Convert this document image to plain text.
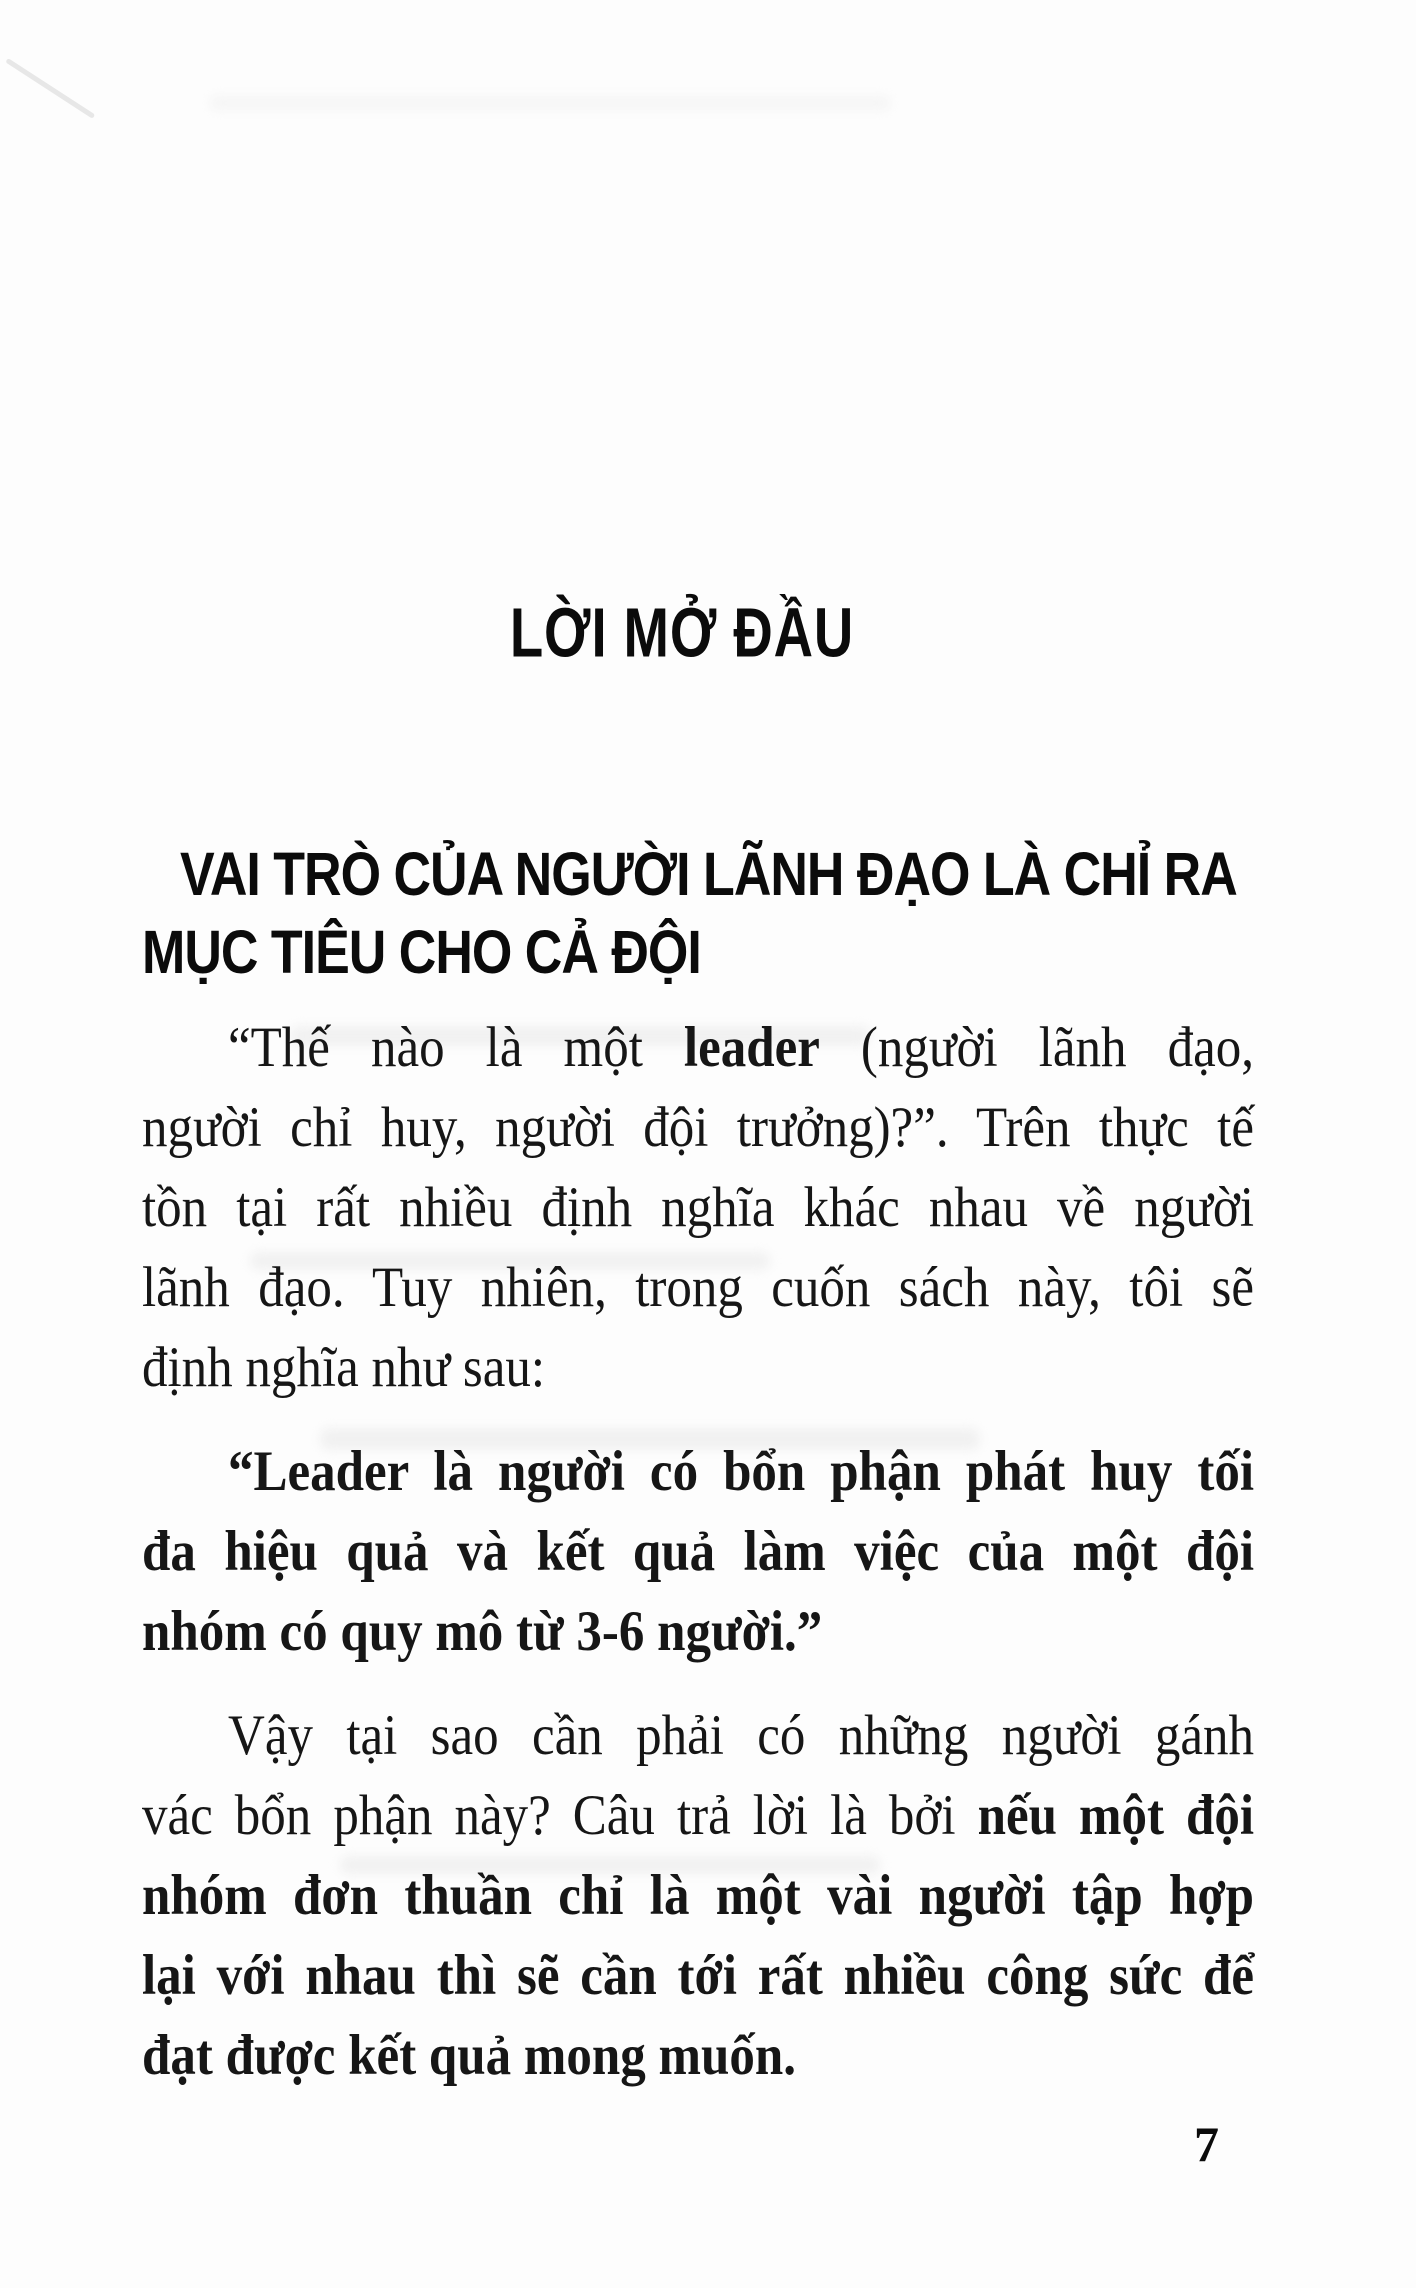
LỜI MỞ ĐẦU
VAI TRÒ CỦA NGƯỜI LÃNH ĐẠO LÀ CHỈ RA
MỤC TIÊU CHO CẢ ĐỘI
“Thế nào là một leader (người lãnh đạo,
người chỉ huy, người đội trưởng)?”. Trên thực tế
tồn tại rất nhiều định nghĩa khác nhau về người
lãnh đạo. Tuy nhiên, trong cuốn sách này, tôi sẽ
định nghĩa như sau:
“Leader là người có bổn phận phát huy tối
đa hiệu quả và kết quả làm việc của một đội
nhóm có quy mô từ 3-6 người.”
Vậy tại sao cần phải có những người gánh
vác bổn phận này? Câu trả lời là bởi nếu một đội
nhóm đơn thuần chỉ là một vài người tập hợp
lại với nhau thì sẽ cần tới rất nhiều công sức để
đạt được kết quả mong muốn.
7
